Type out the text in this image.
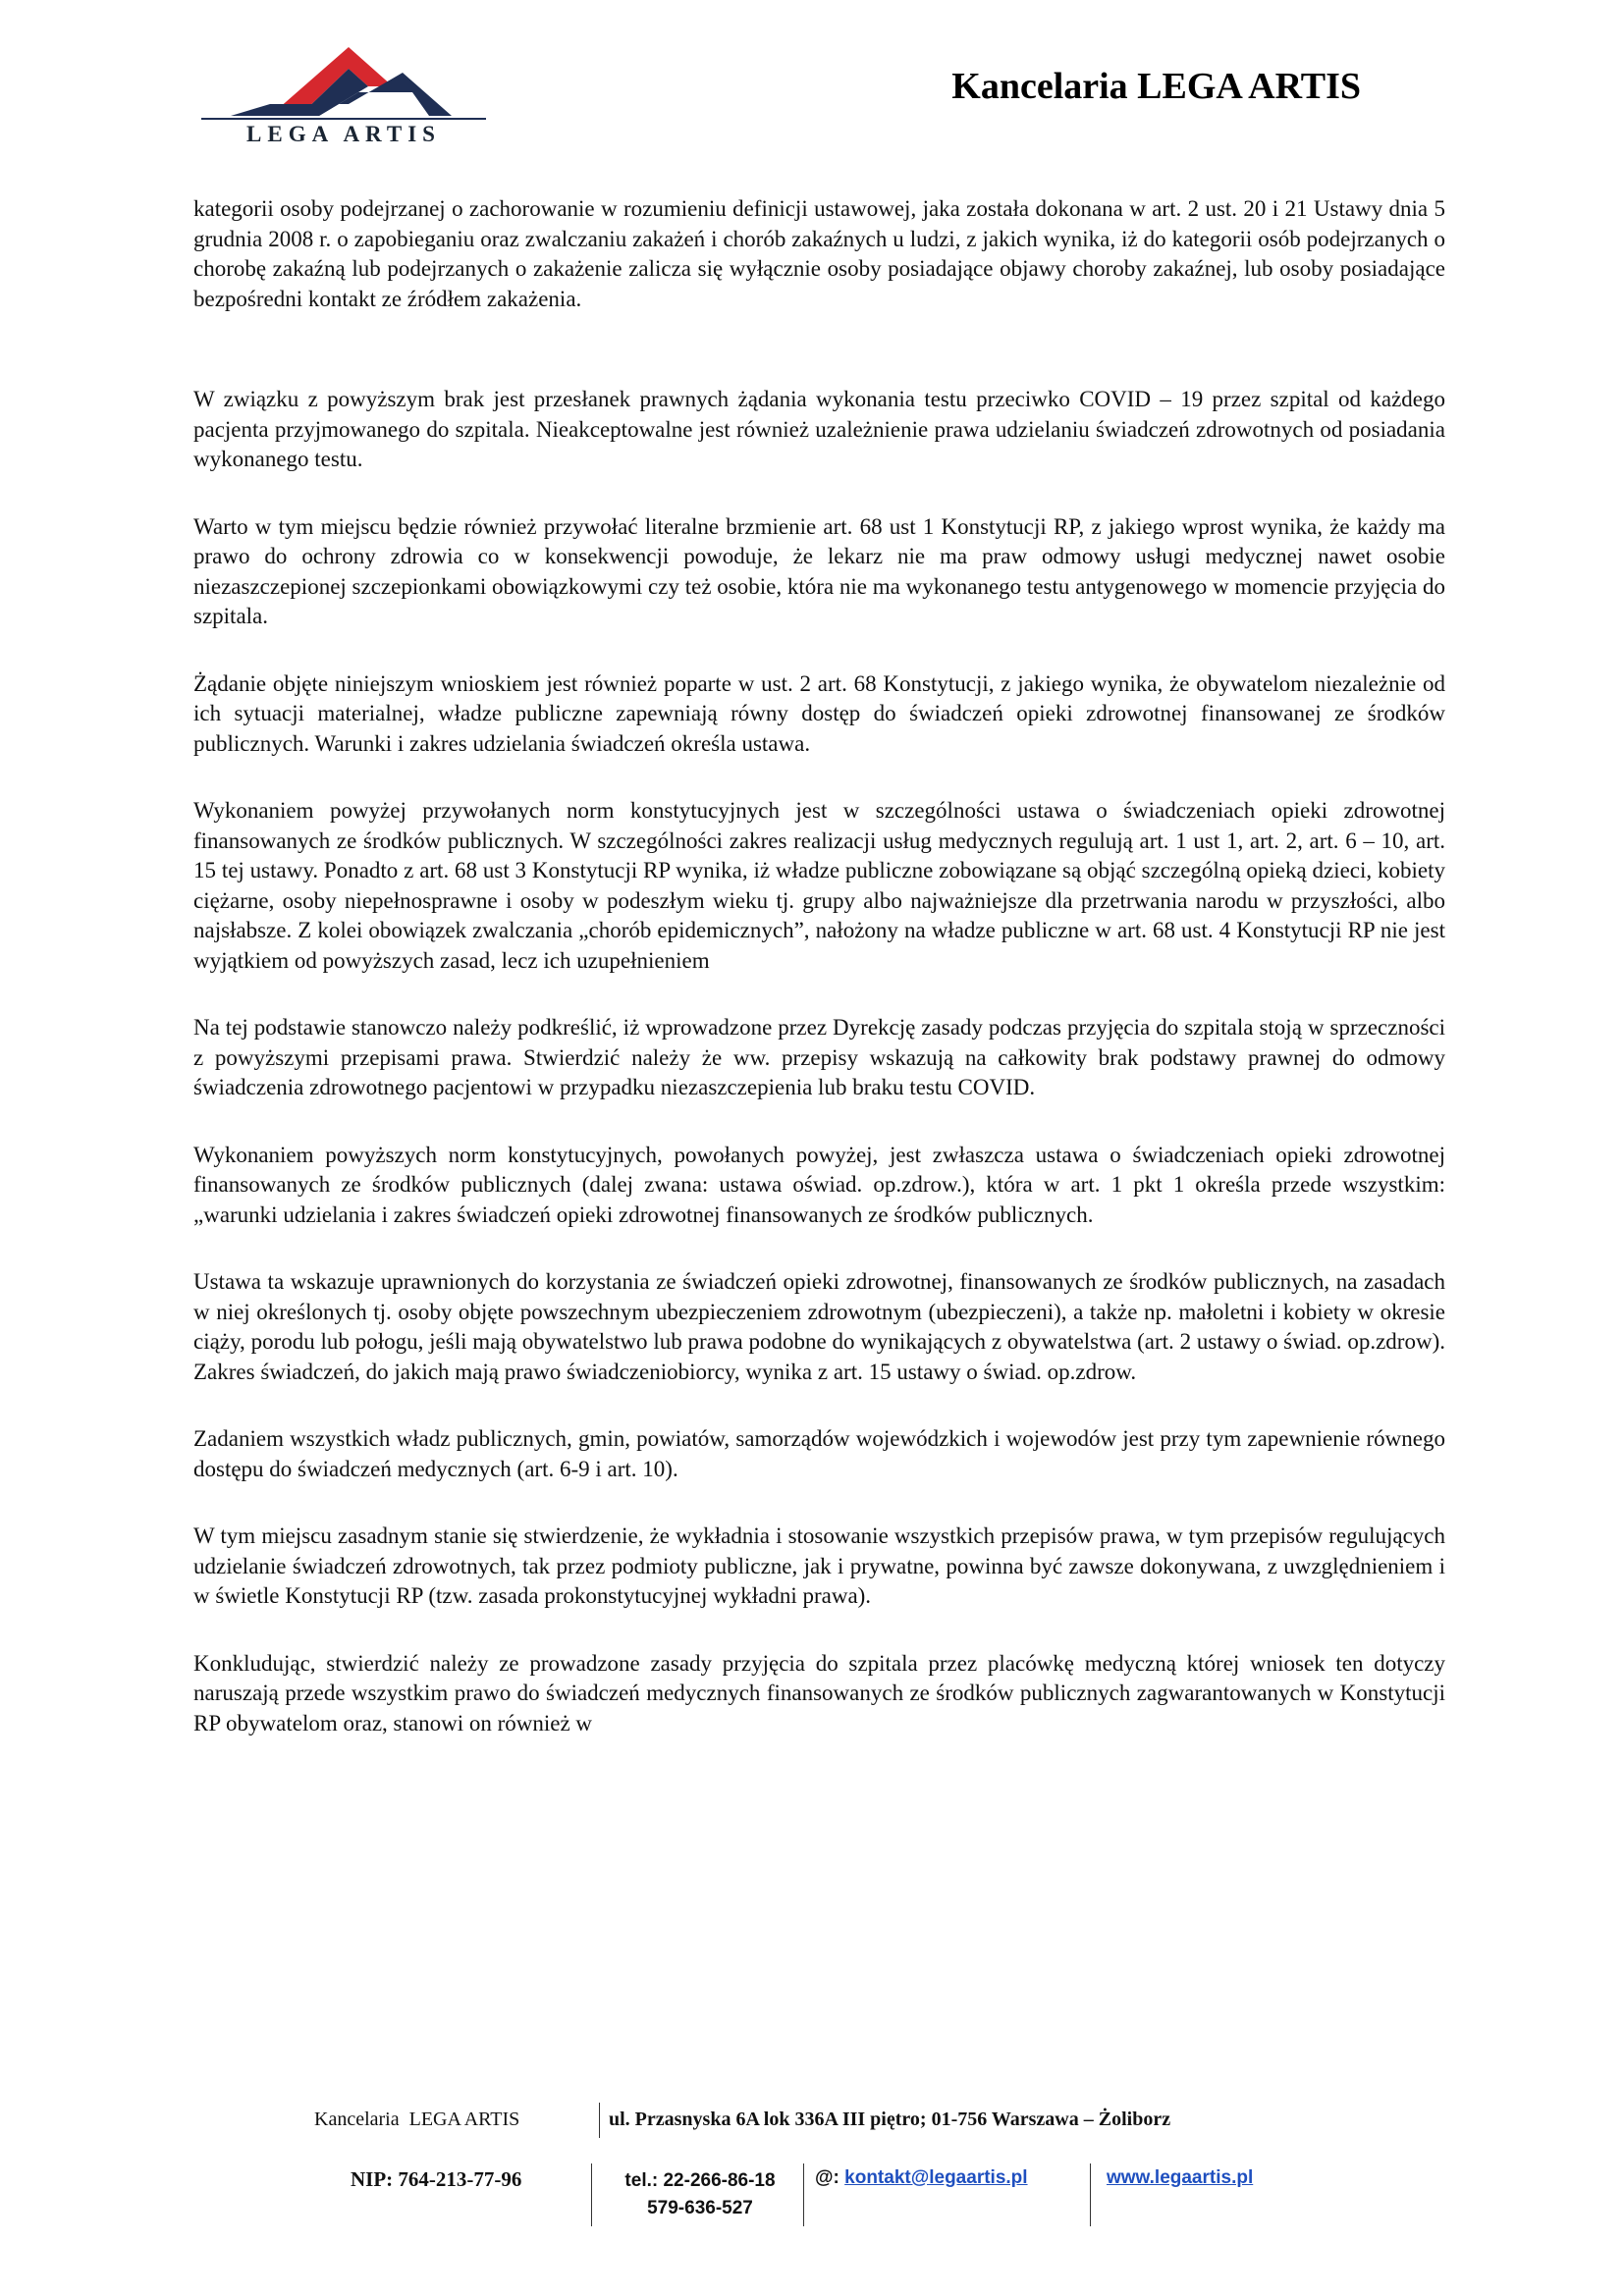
LEGA ARTIS
Kancelaria LEGA ARTIS

kategorii osoby podejrzanej o zachorowanie w rozumieniu definicji ustawowej, jaka została dokonana w art. 2 ust. 20 i 21 Ustawy dnia 5 grudnia 2008 r. o zapobieganiu oraz zwalczaniu zakażeń i chorób zakaźnych u ludzi, z jakich wynika, iż do kategorii osób podejrzanych o chorobę zakaźną lub podejrzanych o zakażenie zalicza się wyłącznie osoby posiadające objawy choroby zakaźnej, lub osoby posiadające bezpośredni kontakt ze źródłem zakażenia.

W związku z powyższym brak jest przesłanek prawnych żądania wykonania testu przeciwko COVID – 19 przez szpital od każdego pacjenta przyjmowanego do szpitala. Nieakceptowalne jest również uzależnienie prawa udzielaniu świadczeń zdrowotnych od posiadania wykonanego testu.

Warto w tym miejscu będzie również przywołać literalne brzmienie art. 68 ust 1 Konstytucji RP, z jakiego wprost wynika, że każdy ma prawo do ochrony zdrowia co w konsekwencji powoduje, że lekarz nie ma praw odmowy usługi medycznej nawet osobie niezaszczepionej szczepionkami obowiązkowymi czy też osobie, która nie ma wykonanego testu antygenowego w momencie przyjęcia do szpitala.

Żądanie objęte niniejszym wnioskiem jest również poparte w ust. 2 art. 68 Konstytucji, z jakiego wynika, że obywatelom niezależnie od ich sytuacji materialnej, władze publiczne zapewniają równy dostęp do świadczeń opieki zdrowotnej finansowanej ze środków publicznych. Warunki i zakres udzielania świadczeń określa ustawa.

Wykonaniem powyżej przywołanych norm konstytucyjnych jest w szczególności ustawa o świadczeniach opieki zdrowotnej finansowanych ze środków publicznych. W szczególności zakres realizacji usług medycznych regulują art. 1 ust 1, art. 2, art. 6 – 10, art. 15 tej ustawy. Ponadto z art. 68 ust 3 Konstytucji RP wynika, iż władze publiczne zobowiązane są objąć szczególną opieką dzieci, kobiety ciężarne, osoby niepełnosprawne i osoby w podeszłym wieku tj. grupy albo najważniejsze dla przetrwania narodu w przyszłości, albo najsłabsze. Z kolei obowiązek zwalczania „chorób epidemicznych”, nałożony na władze publiczne w art. 68 ust. 4 Konstytucji RP nie jest wyjątkiem od powyższych zasad, lecz ich uzupełnieniem

Na tej podstawie stanowczo należy podkreślić, iż wprowadzone przez Dyrekcję zasady podczas przyjęcia do szpitala stoją w sprzeczności z powyższymi przepisami prawa. Stwierdzić należy że ww. przepisy wskazują na całkowity brak podstawy prawnej do odmowy świadczenia zdrowotnego pacjentowi w przypadku niezaszczepienia lub braku testu COVID.

Wykonaniem powyższych norm konstytucyjnych, powołanych powyżej, jest zwłaszcza ustawa o świadczeniach opieki zdrowotnej finansowanych ze środków publicznych (dalej zwana: ustawa oświad. op.zdrow.), która w art. 1 pkt 1 określa przede wszystkim: „warunki udzielania i zakres świadczeń opieki zdrowotnej finansowanych ze środków publicznych.

Ustawa ta wskazuje uprawnionych do korzystania ze świadczeń opieki zdrowotnej, finansowanych ze środków publicznych, na zasadach w niej określonych tj. osoby objęte powszechnym ubezpieczeniem zdrowotnym (ubezpieczeni), a także np. małoletni i kobiety w okresie ciąży, porodu lub połogu, jeśli mają obywatelstwo lub prawa podobne do wynikających z obywatelstwa (art. 2 ustawy o świad. op.zdrow). Zakres świadczeń, do jakich mają prawo świadczeniobiorcy, wynika z art. 15 ustawy o świad. op.zdrow.

Zadaniem wszystkich władz publicznych, gmin, powiatów, samorządów wojewódzkich i wojewodów jest przy tym zapewnienie równego dostępu do świadczeń medycznych (art. 6-9 i art. 10).

W tym miejscu zasadnym stanie się stwierdzenie, że wykładnia i stosowanie wszystkich przepisów prawa, w tym przepisów regulujących udzielanie świadczeń zdrowotnych, tak przez podmioty publiczne, jak i prywatne, powinna być zawsze dokonywana, z uwzględnieniem i w świetle Konstytucji RP (tzw. zasada prokonstytucyjnej wykładni prawa).

Konkludując, stwierdzić należy ze prowadzone zasady przyjęcia do szpitala przez placówkę medyczną której wniosek ten dotyczy naruszają przede wszystkim prawo do świadczeń medycznych finansowanych ze środków publicznych zagwarantowanych w Konstytucji RP obywatelom oraz, stanowi on również w

Kancelaria  LEGA ARTIS	ul. Przasnyska 6A lok 336A III piętro; 01-756 Warszawa – Żoliborz
NIP: 764-213-77-96	tel.: 22-266-86-18
579-636-527
@: kontakt@legaartis.pl	www.legaartis.pl
